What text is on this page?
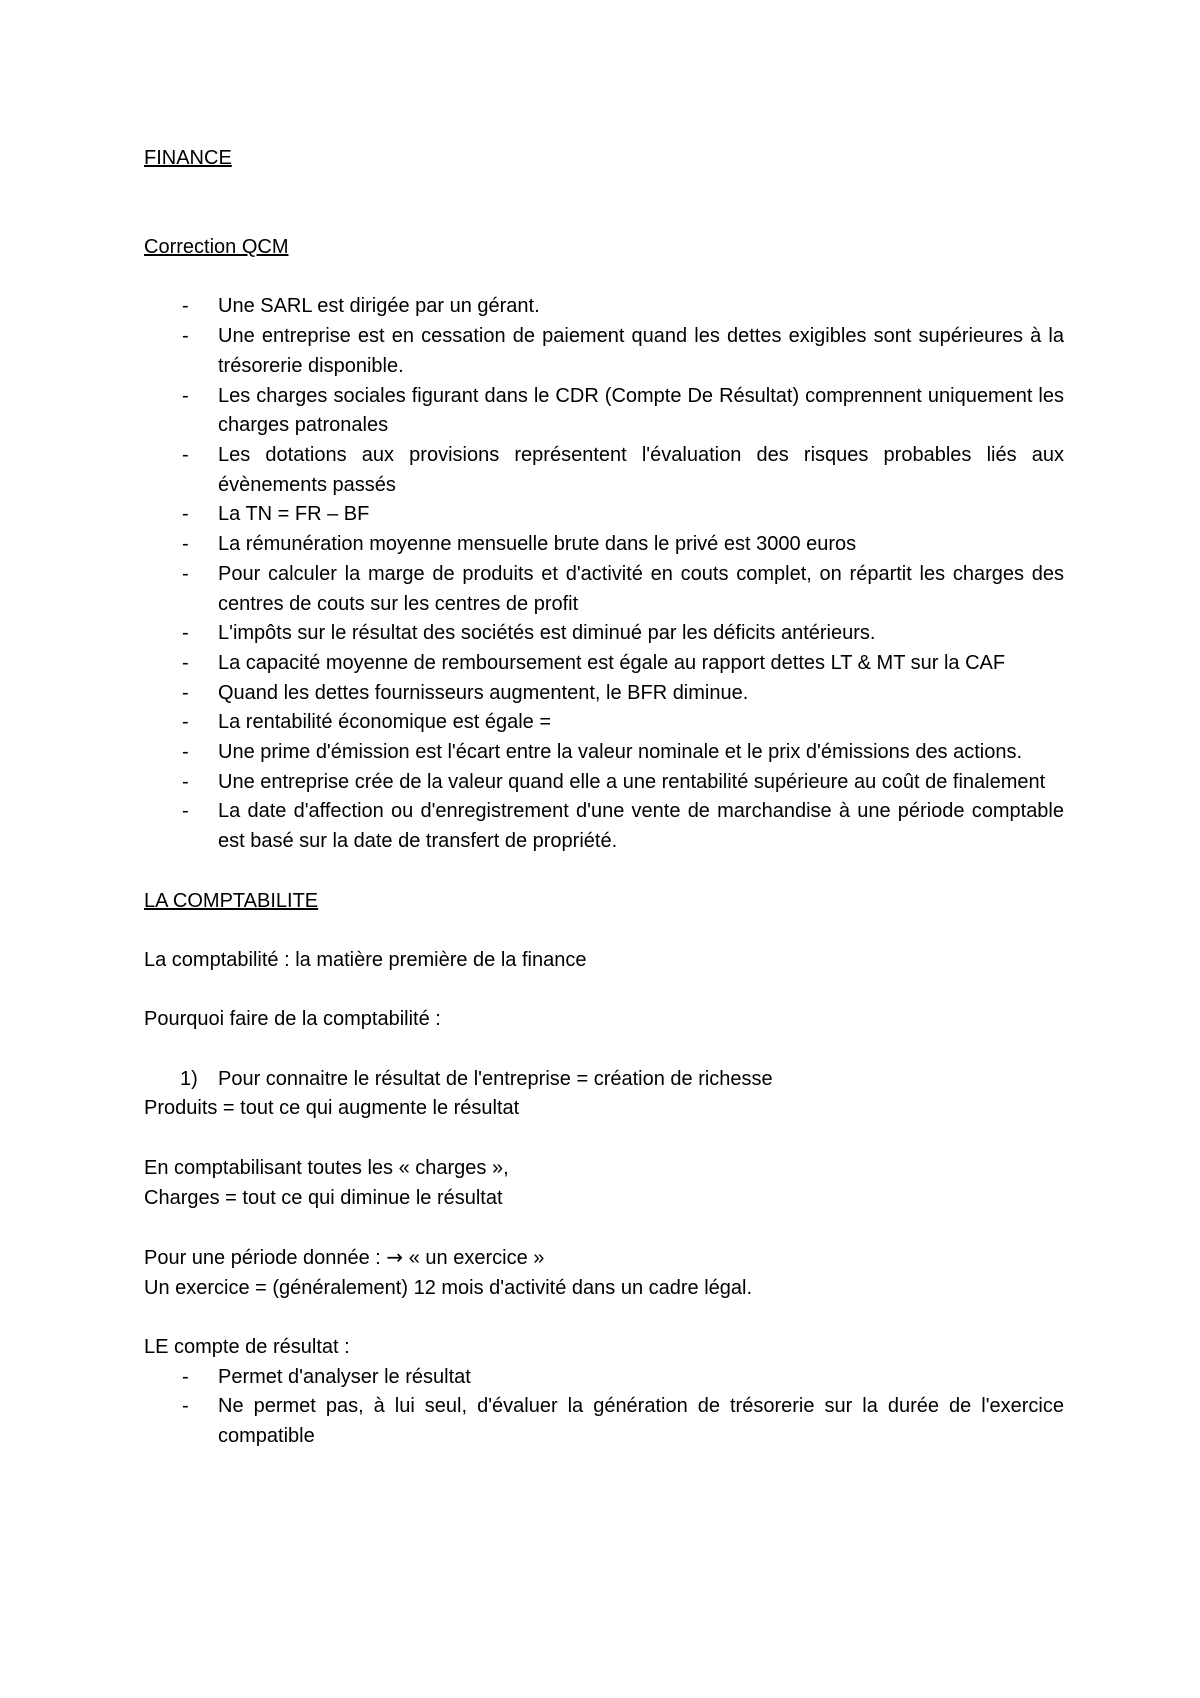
FINANCE

Correction QCM

- Une SARL est dirigée par un gérant.
- Une entreprise est en cessation de paiement quand les dettes exigibles sont supérieures à la trésorerie disponible.
- Les charges sociales figurant dans le CDR (Compte De Résultat) comprennent uniquement les charges patronales
- Les dotations aux provisions représentent l'évaluation des risques probables liés aux évènements passés
- La TN = FR – BF
- La rémunération moyenne mensuelle brute dans le privé est 3000 euros
- Pour calculer la marge de produits et d'activité en couts complet, on répartit les charges des centres de couts sur les centres de profit
- L'impôts sur le résultat des sociétés est diminué par les déficits antérieurs.
- La capacité moyenne de remboursement est égale au rapport dettes LT & MT sur la CAF
- Quand les dettes fournisseurs augmentent, le BFR diminue.
- La rentabilité économique est égale =
- Une prime d'émission est l'écart entre la valeur nominale et le prix d'émissions des actions.
- Une entreprise crée de la valeur quand elle a une rentabilité supérieure au coût de finalement
- La date d'affection ou d'enregistrement d'une vente de marchandise à une période comptable est basé sur la date de transfert de propriété.

LA COMPTABILITE

La comptabilité : la matière première de la finance

Pourquoi faire de la comptabilité :

1) Pour connaitre le résultat de l'entreprise = création de richesse

Produits = tout ce qui augmente le résultat

En comptabilisant toutes les « charges »,

Charges = tout ce qui diminue le résultat

Pour une période donnée : → « un exercice »

Un exercice = (généralement) 12 mois d'activité dans un cadre légal.

LE compte de résultat :

- Permet d'analyser le résultat
- Ne permet pas, à lui seul, d'évaluer la génération de trésorerie sur la durée de l'exercice compatible
